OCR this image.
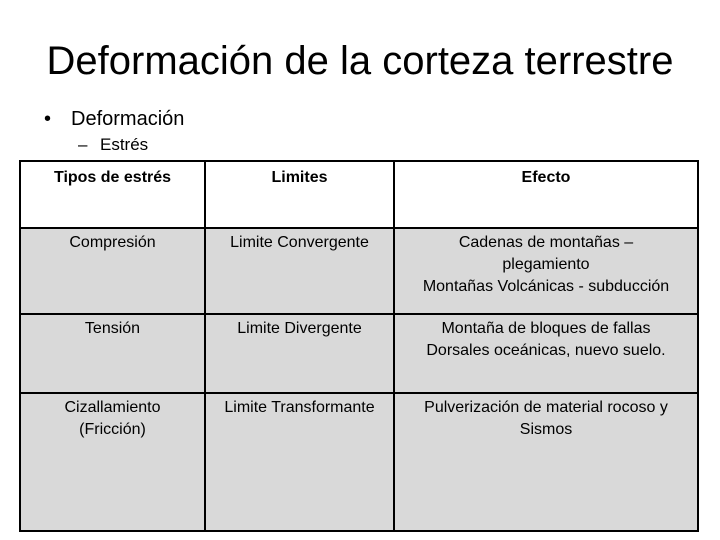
Deformación de la corteza terrestre
• Deformación
– Estrés
Tipos de estrés	Limites	Efecto
Compresión	Limite Convergente	Cadenas de montañas –
plegamiento
Montañas Volcánicas - subducción

Tensión	Limite Divergente	Montaña de bloques de fallas
Dorsales oceánicas, nuevo suelo.

Cizallamiento
(Fricción)	Limite Transformante	Pulverización de material rocoso y
Sismos
